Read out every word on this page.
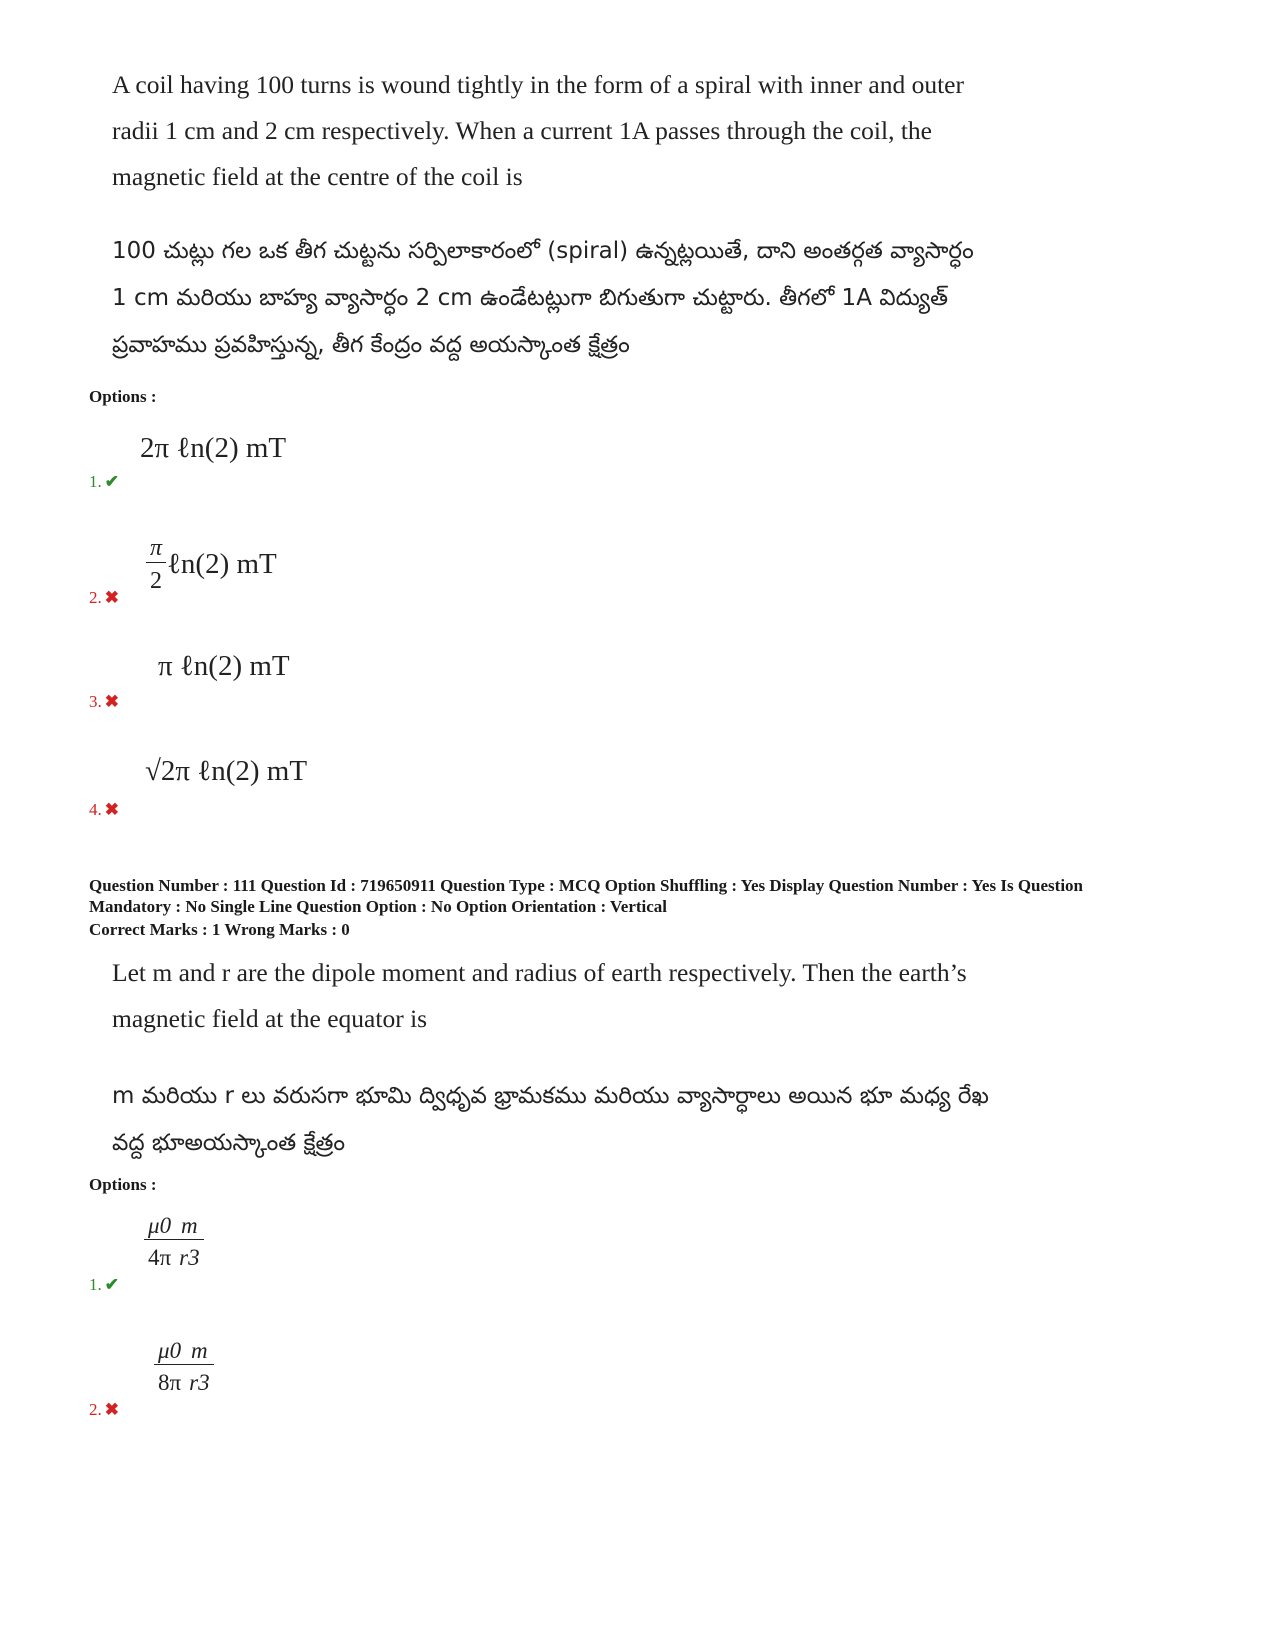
A coil having 100 turns is wound tightly in the form of a spiral with inner and outer

radii 1 cm and 2 cm respectively. When a current 1A passes through the coil, the

magnetic field at the centre of the coil is

100 చుట్లు గల ఒక తీగ చుట్టను సర్పిలాకారంలో (spiral) ఉన్నట్లయితే, దాని అంతర్గత వ్యాసార్ధం

1 cm మరియు బాహ్య వ్యాసార్ధం 2 cm ఉండేటట్లుగా బిగుతుగా చుట్టారు. తీగలో 1A విద్యుత్

ప్రవాహము ప్రవహిస్తున్న, తీగ కేంద్రం వద్ద అయస్కాంత క్షేత్రం

Options :
2π ℓn(2) mT
1. ✔
π
2
ℓn(2) mT
2. ✖
π ℓn(2) mT
3. ✖
√2π ℓn(2) mT
4. ✖
Question Number : 111 Question Id : 719650911 Question Type : MCQ Option Shuffling : Yes Display Question Number : Yes Is Question
Mandatory : No Single Line Question Option : No Option Orientation : Vertical
Correct Marks : 1 Wrong Marks : 0

Let m and r are the dipole moment and radius of earth respectively. Then the earth’s

magnetic field at the equator is

m మరియు r లు వరుసగా భూమి ద్విధృవ భ్రామకము మరియు వ్యాసార్ధాలు అయిన భూ మధ్య రేఖ

వద్ద భూఅయస్కాంత క్షేత్రం

Options :
μ0
4π
m
r3
1. ✔
μ0
8π
m
r3
2. ✖
